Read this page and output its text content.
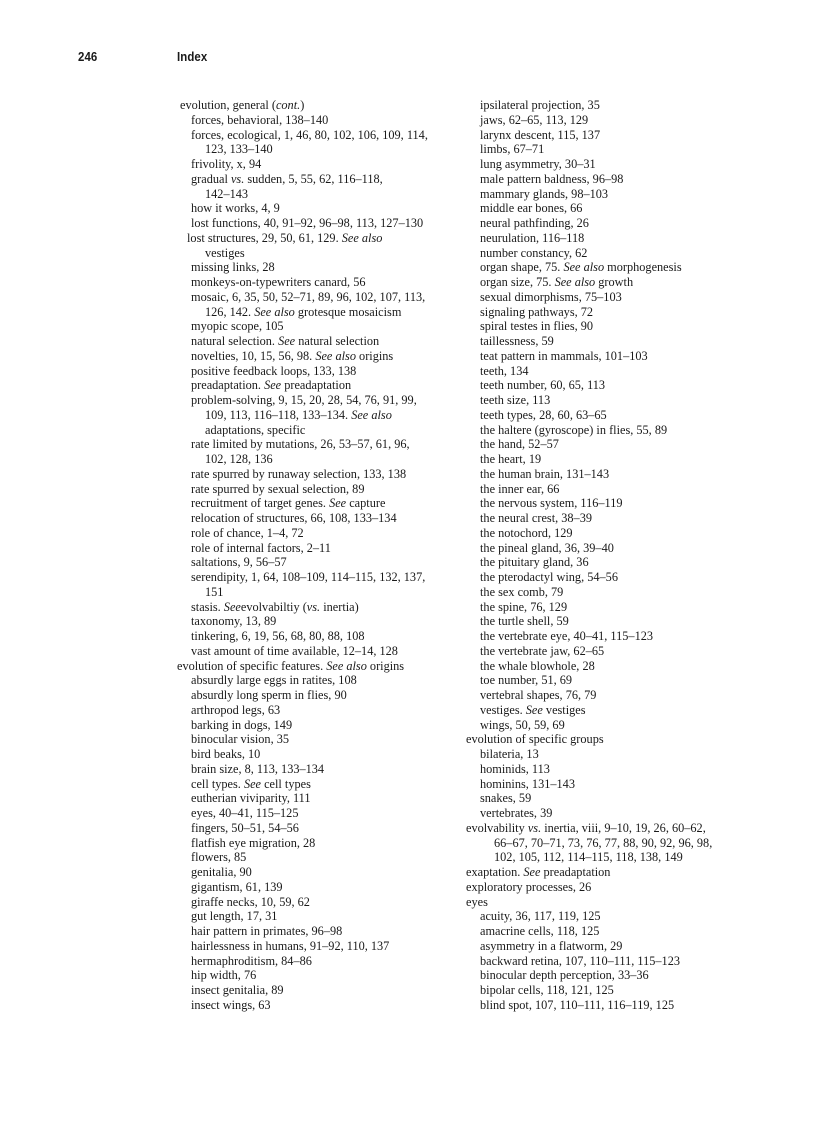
246	Index
evolution, general (cont.)
forces, behavioral, 138–140
forces, ecological, 1, 46, 80, 102, 106, 109, 114,
123, 133–140
frivolity, x, 94
gradual vs. sudden, 5, 55, 62, 116–118,
142–143
how it works, 4, 9
lost functions, 40, 91–92, 96–98, 113, 127–130
lost structures, 29, 50, 61, 129. See also
vestiges
missing links, 28
monkeys-on-typewriters canard, 56
mosaic, 6, 35, 50, 52–71, 89, 96, 102, 107, 113,
126, 142. See also grotesque mosaicism
myopic scope, 105
natural selection. See natural selection
novelties, 10, 15, 56, 98. See also origins
positive feedback loops, 133, 138
preadaptation. See preadaptation
problem-solving, 9, 15, 20, 28, 54, 76, 91, 99,
109, 113, 116–118, 133–134. See also
adaptations, specific
rate limited by mutations, 26, 53–57, 61, 96,
102, 128, 136
rate spurred by runaway selection, 133, 138
rate spurred by sexual selection, 89
recruitment of target genes. See capture
relocation of structures, 66, 108, 133–134
role of chance, 1–4, 72
role of internal factors, 2–11
saltations, 9, 56–57
serendipity, 1, 64, 108–109, 114–115, 132, 137,
151
stasis. Seeevolvabiltiy (vs. inertia)
taxonomy, 13, 89
tinkering, 6, 19, 56, 68, 80, 88, 108
vast amount of time available, 12–14, 128
evolution of specific features. See also origins
absurdly large eggs in ratites, 108
absurdly long sperm in flies, 90
arthropod legs, 63
barking in dogs, 149
binocular vision, 35
bird beaks, 10
brain size, 8, 113, 133–134
cell types. See cell types
eutherian viviparity, 111
eyes, 40–41, 115–125
fingers, 50–51, 54–56
flatfish eye migration, 28
flowers, 85
genitalia, 90
gigantism, 61, 139
giraffe necks, 10, 59, 62
gut length, 17, 31
hair pattern in primates, 96–98
hairlessness in humans, 91–92, 110, 137
hermaphroditism, 84–86
hip width, 76
insect genitalia, 89
insect wings, 63
ipsilateral projection, 35
jaws, 62–65, 113, 129
larynx descent, 115, 137
limbs, 67–71
lung asymmetry, 30–31
male pattern baldness, 96–98
mammary glands, 98–103
middle ear bones, 66
neural pathfinding, 26
neurulation, 116–118
number constancy, 62
organ shape, 75. See also morphogenesis
organ size, 75. See also growth
sexual dimorphisms, 75–103
signaling pathways, 72
spiral testes in flies, 90
taillessness, 59
teat pattern in mammals, 101–103
teeth, 134
teeth number, 60, 65, 113
teeth size, 113
teeth types, 28, 60, 63–65
the haltere (gyroscope) in flies, 55, 89
the hand, 52–57
the heart, 19
the human brain, 131–143
the inner ear, 66
the nervous system, 116–119
the neural crest, 38–39
the notochord, 129
the pineal gland, 36, 39–40
the pituitary gland, 36
the pterodactyl wing, 54–56
the sex comb, 79
the spine, 76, 129
the turtle shell, 59
the vertebrate eye, 40–41, 115–123
the vertebrate jaw, 62–65
the whale blowhole, 28
toe number, 51, 69
vertebral shapes, 76, 79
vestiges. See vestiges
wings, 50, 59, 69
evolution of specific groups
bilateria, 13
hominids, 113
hominins, 131–143
snakes, 59
vertebrates, 39
evolvability vs. inertia, viii, 9–10, 19, 26, 60–62,
66–67, 70–71, 73, 76, 77, 88, 90, 92, 96, 98,
102, 105, 112, 114–115, 118, 138, 149
exaptation. See preadaptation
exploratory processes, 26
eyes
acuity, 36, 117, 119, 125
amacrine cells, 118, 125
asymmetry in a flatworm, 29
backward retina, 107, 110–111, 115–123
binocular depth perception, 33–36
bipolar cells, 118, 121, 125
blind spot, 107, 110–111, 116–119, 125
